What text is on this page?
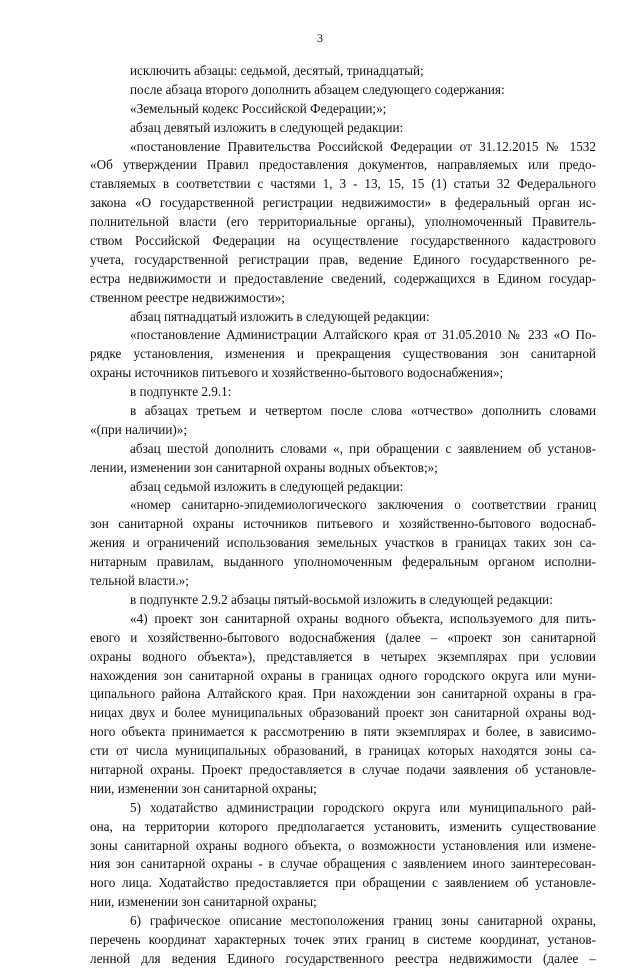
3
исключить абзацы: седьмой, десятый, тринадцатый;
после абзаца второго дополнить абзацем следующего содержания:
«Земельный кодекс Российской Федерации;»;
абзац девятый изложить в следующей редакции:
«постановление Правительства Российской Федерации от 31.12.2015 № 1532
«Об утверждении Правил предоставления документов, направляемых или предо-
ставляемых в соответствии с частями 1, 3 - 13, 15, 15 (1) статьи 32 Федерального
закона «О государственной регистрации недвижимости» в федеральный орган ис-
полнительной власти (его территориальные органы), уполномоченный Правитель-
ством Российской Федерации на осуществление государственного кадастрового
учета, государственной регистрации прав, ведение Единого государственного ре-
естра недвижимости и предоставление сведений, содержащихся в Едином государ-
ственном реестре недвижимости»;
абзац пятнадцатый изложить в следующей редакции:
«постановление Администрации Алтайского края от 31.05.2010 № 233 «О По-
рядке установления, изменения и прекращения существования зон санитарной
охраны источников питьевого и хозяйственно-бытового водоснабжения»;
в подпункте 2.9.1:
в абзацах третьем и четвертом после слова «отчество» дополнить словами
«(при наличии)»;
абзац шестой дополнить словами «, при обращении с заявлением об установ-
лении, изменении зон санитарной охраны водных объектов;»;
абзац седьмой изложить в следующей редакции:
«номер санитарно-эпидемиологического заключения о соответствии границ
зон санитарной охраны источников питьевого и хозяйственно-бытового водоснаб-
жения и ограничений использования земельных участков в границах таких зон са-
нитарным правилам, выданного уполномоченным федеральным органом исполни-
тельной власти.»;
в подпункте 2.9.2 абзацы пятый-восьмой изложить в следующей редакции:
«4) проект зон санитарной охраны водного объекта, используемого для пить-
евого и хозяйственно-бытового водоснабжения (далее – «проект зон санитарной
охраны водного объекта»), представляется в четырех экземплярах при условии
нахождения зон санитарной охраны в границах одного городского округа или муни-
ципального района Алтайского края. При нахождении зон санитарной охраны в гра-
ницах двух и более муниципальных образований проект зон санитарной охраны вод-
ного объекта принимается к рассмотрению в пяти экземплярах и более, в зависимо-
сти от числа муниципальных образований, в границах которых находятся зоны са-
нитарной охраны. Проект предоставляется в случае подачи заявления об установле-
нии, изменении зон санитарной охраны;
5) ходатайство администрации городского округа или муниципального рай-
она, на территории которого предполагается установить, изменить существование
зоны санитарной охраны водного объекта, о возможности установления или измене-
ния зон санитарной охраны - в случае обращения с заявлением иного заинтересован-
ного лица. Ходатайство предоставляется при обращении с заявлением об установле-
нии, изменении зон санитарной охраны;
6) графическое описание местоположения границ зоны санитарной охраны,
перечень координат характерных точек этих границ в системе координат, установ-
ленной для ведения Единого государственного реестра недвижимости (далее –
